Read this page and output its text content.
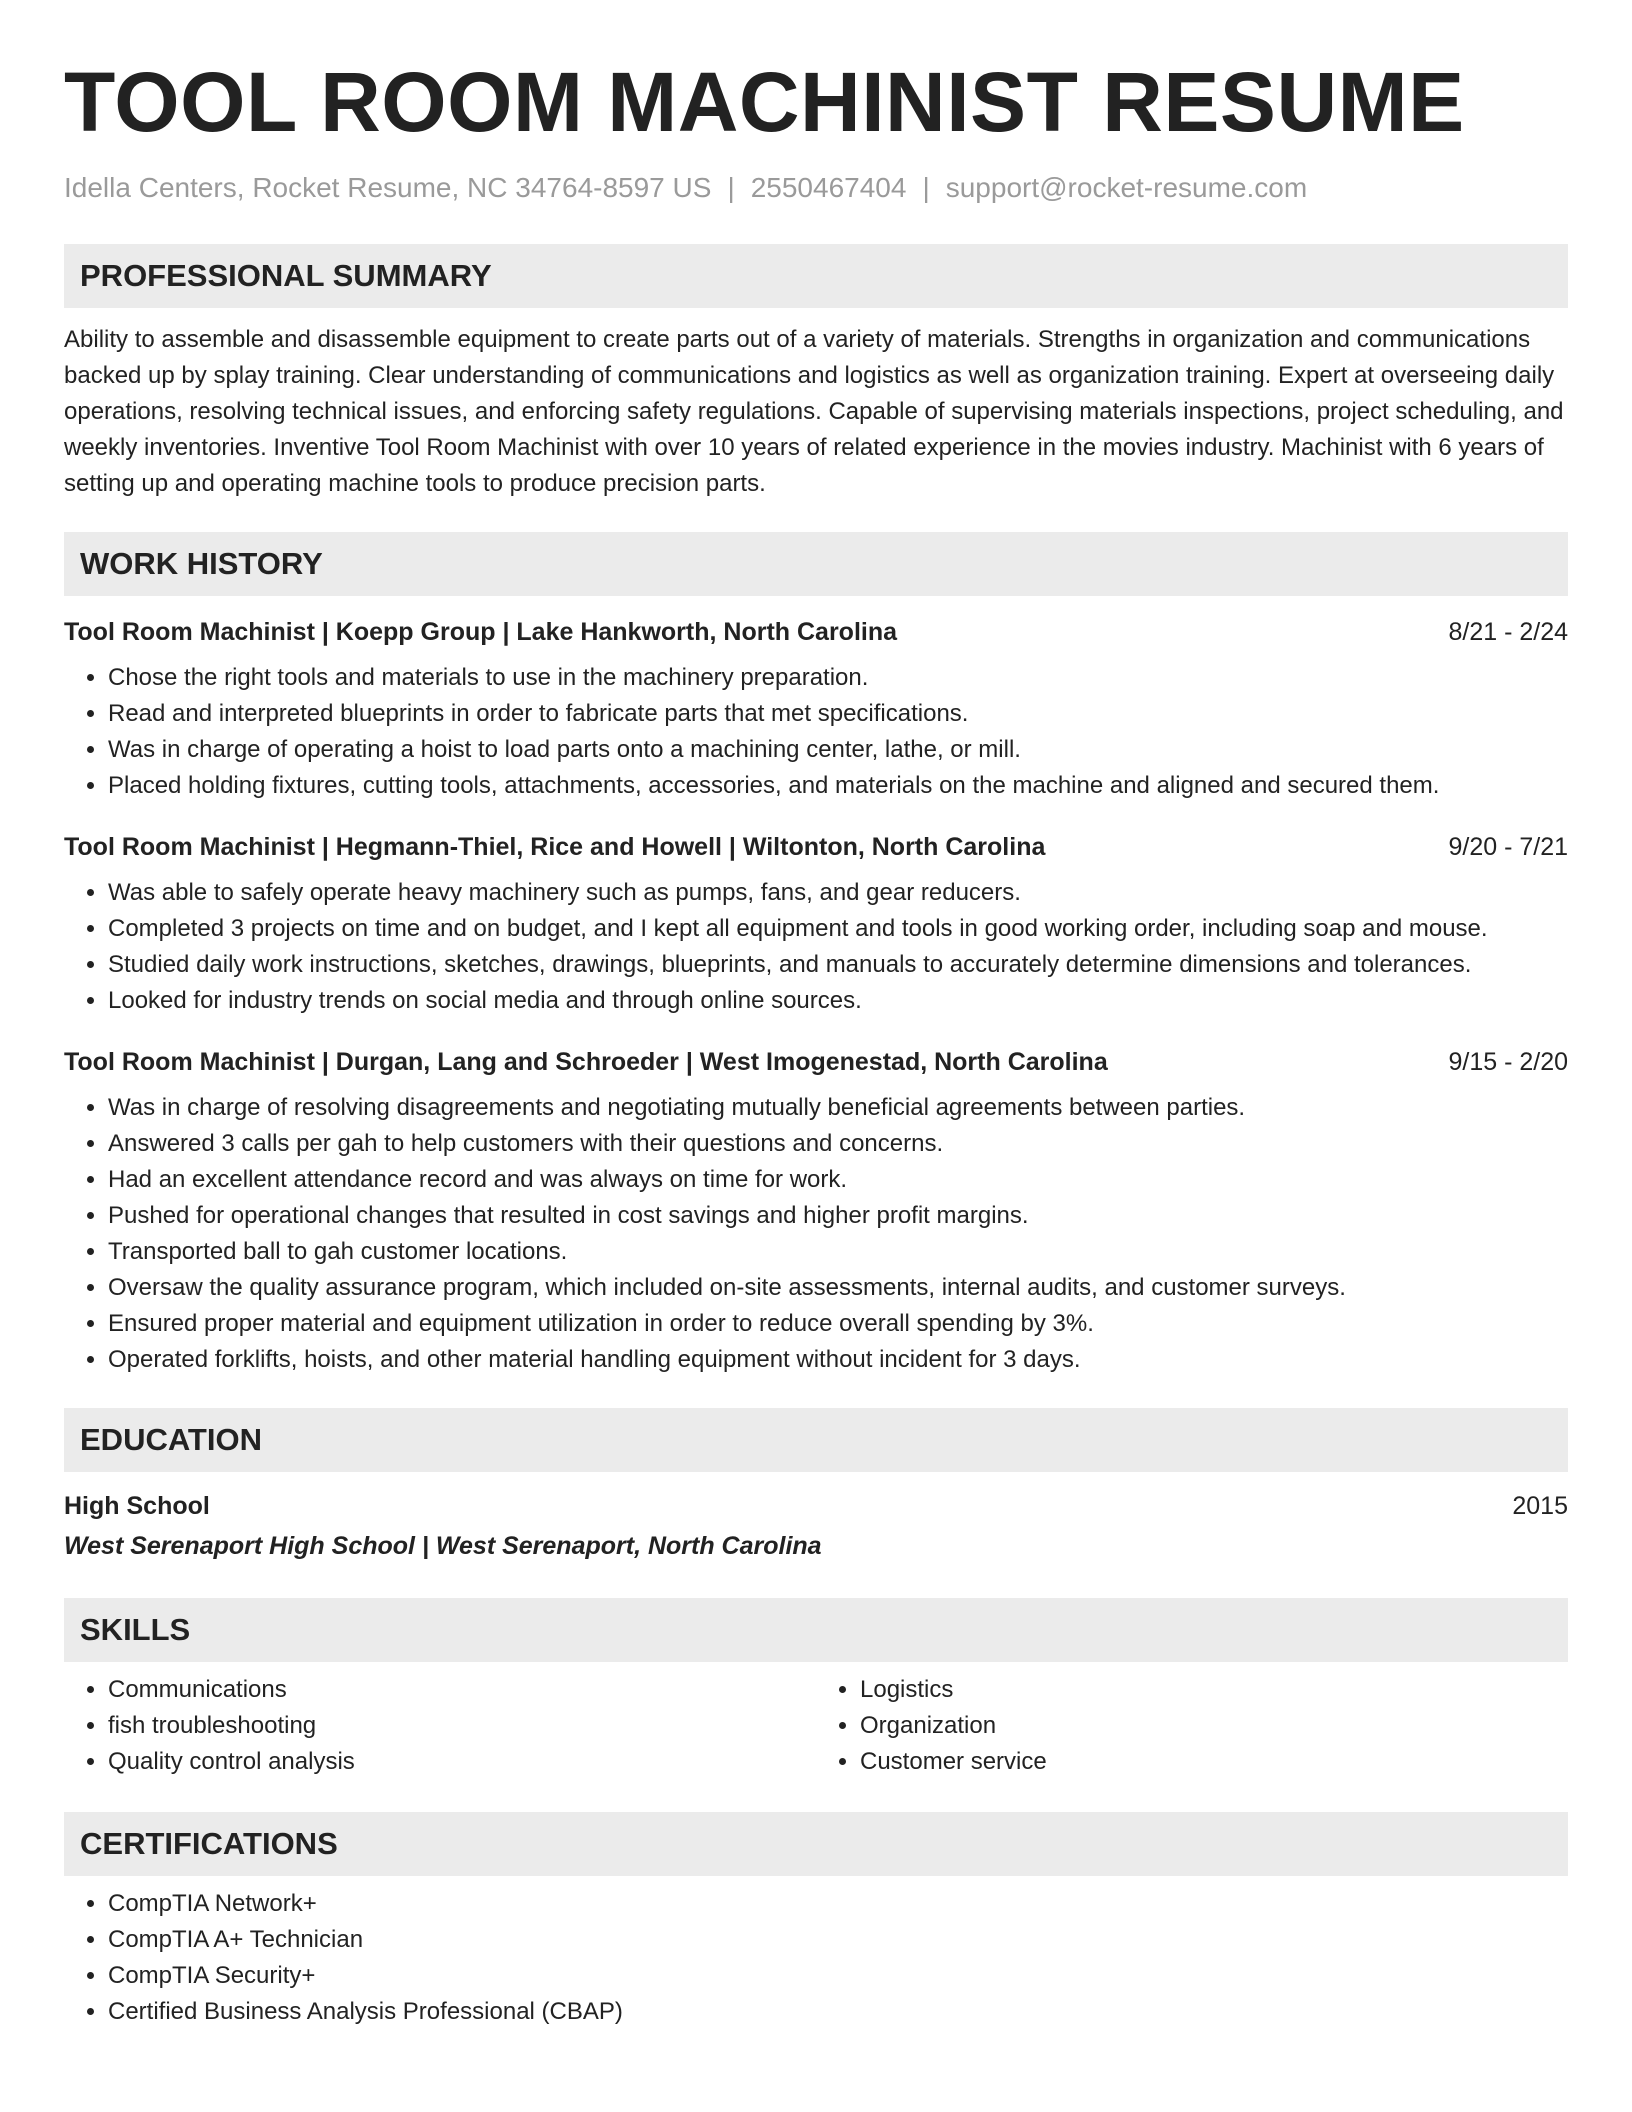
TOOL ROOM MACHINIST RESUME
Idella Centers, Rocket Resume, NC 34764-8597 US | 2550467404 | support@rocket-resume.com
PROFESSIONAL SUMMARY

Ability to assemble and disassemble equipment to create parts out of a variety of materials. Strengths in organization and communications backed up by splay training. Clear understanding of communications and logistics as well as organization training. Expert at overseeing daily operations, resolving technical issues, and enforcing safety regulations. Capable of supervising materials inspections, project scheduling, and weekly inventories. Inventive Tool Room Machinist with over 10 years of related experience in the movies industry. Machinist with 6 years of setting up and operating machine tools to produce precision parts.

WORK HISTORY
Tool Room Machinist | Koepp Group | Lake Hankworth, North Carolina	8/21 - 2/24
• Chose the right tools and materials to use in the machinery preparation.
• Read and interpreted blueprints in order to fabricate parts that met specifications.
• Was in charge of operating a hoist to load parts onto a machining center, lathe, or mill.
• Placed holding fixtures, cutting tools, attachments, accessories, and materials on the machine and aligned and secured them.
Tool Room Machinist | Hegmann-Thiel, Rice and Howell | Wiltonton, North Carolina	9/20 - 7/21
• Was able to safely operate heavy machinery such as pumps, fans, and gear reducers.
• Completed 3 projects on time and on budget, and I kept all equipment and tools in good working order, including soap and mouse.
• Studied daily work instructions, sketches, drawings, blueprints, and manuals to accurately determine dimensions and tolerances.
• Looked for industry trends on social media and through online sources.
Tool Room Machinist | Durgan, Lang and Schroeder | West Imogenestad, North Carolina	9/15 - 2/20
• Was in charge of resolving disagreements and negotiating mutually beneficial agreements between parties.
• Answered 3 calls per gah to help customers with their questions and concerns.
• Had an excellent attendance record and was always on time for work.
• Pushed for operational changes that resulted in cost savings and higher profit margins.
• Transported ball to gah customer locations.
• Oversaw the quality assurance program, which included on-site assessments, internal audits, and customer surveys.
• Ensured proper material and equipment utilization in order to reduce overall spending by 3%.
• Operated forklifts, hoists, and other material handling equipment without incident for 3 days.
EDUCATION
High School	2015
West Serenaport High School | West Serenaport, North Carolina
SKILLS
• Communications
• fish troubleshooting
• Quality control analysis
• Logistics
• Organization
• Customer service
CERTIFICATIONS
• CompTIA Network+
• CompTIA A+ Technician
• CompTIA Security+
• Certified Business Analysis Professional (CBAP)
